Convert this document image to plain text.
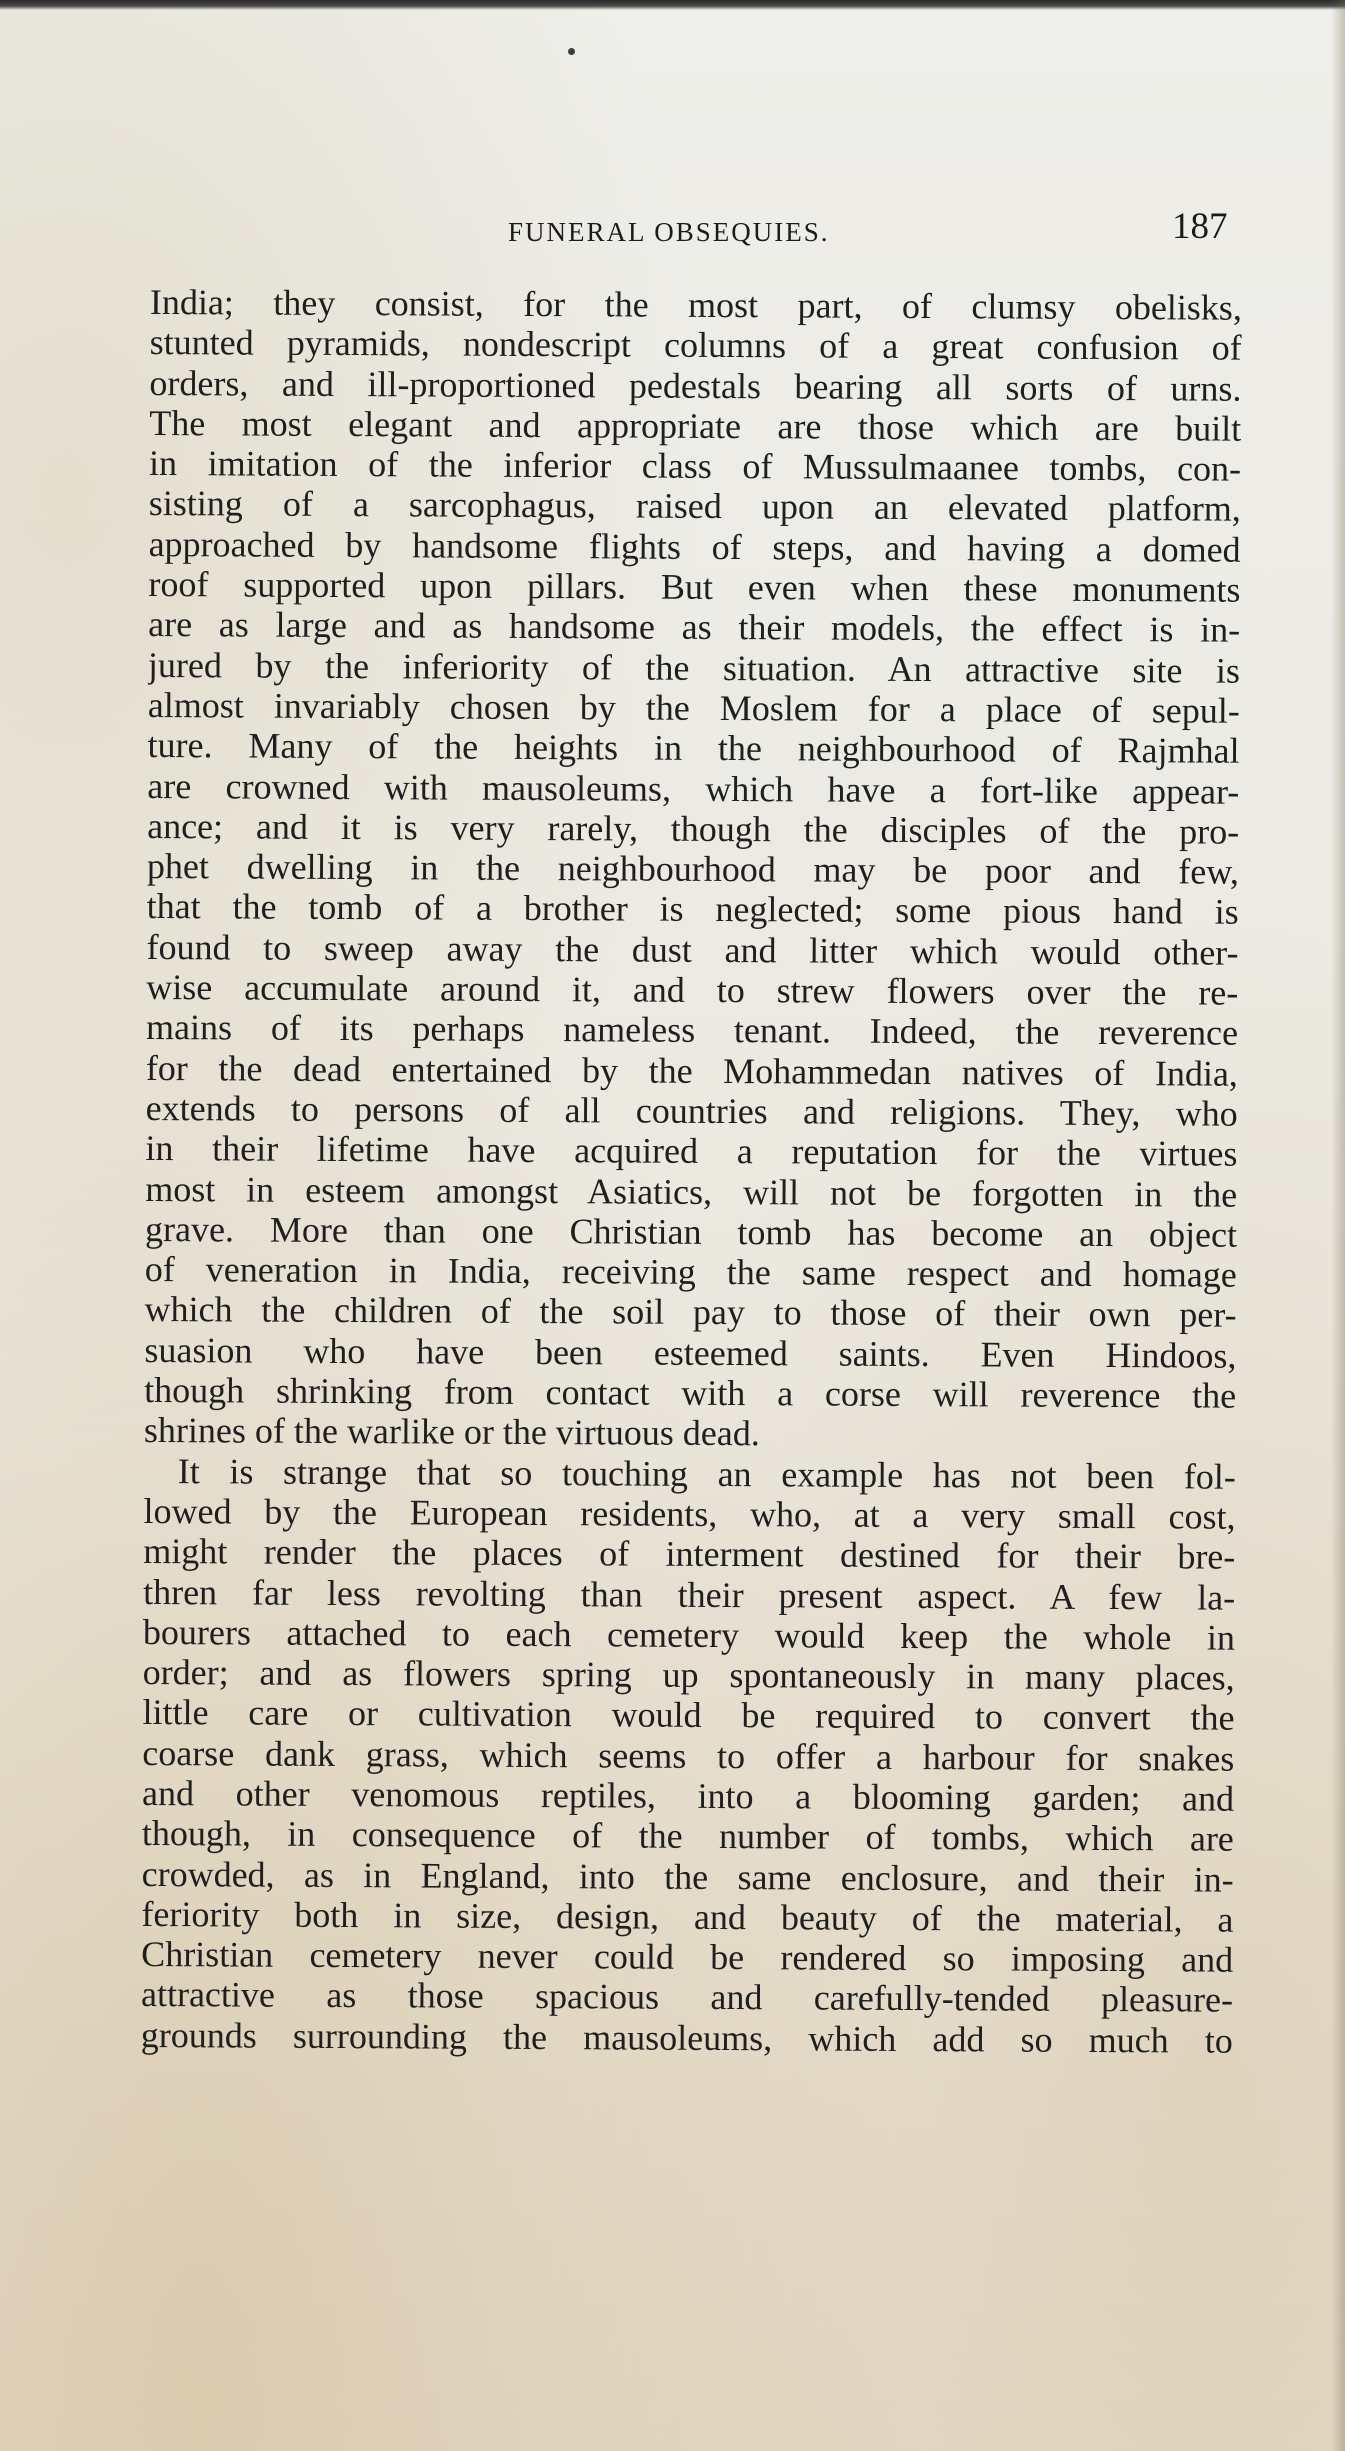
FUNERAL OBSEQUIES.	187
India; they consist, for the most part, of clumsy obelisks,
stunted pyramids, nondescript columns of a great confusion of
orders, and ill-proportioned pedestals bearing all sorts of urns.
The most elegant and appropriate are those which are built
in imitation of the inferior class of Mussulmaanee tombs, con-
sisting of a sarcophagus, raised upon an elevated platform,
approached by handsome flights of steps, and having a domed
roof supported upon pillars. But even when these monuments
are as large and as handsome as their models, the effect is in-
jured by the inferiority of the situation. An attractive site is
almost invariably chosen by the Moslem for a place of sepul-
ture. Many of the heights in the neighbourhood of Rajmhal
are crowned with mausoleums, which have a fort-like appear-
ance; and it is very rarely, though the disciples of the pro-
phet dwelling in the neighbourhood may be poor and few,
that the tomb of a brother is neglected; some pious hand is
found to sweep away the dust and litter which would other-
wise accumulate around it, and to strew flowers over the re-
mains of its perhaps nameless tenant. Indeed, the reverence
for the dead entertained by the Mohammedan natives of India,
extends to persons of all countries and religions. They, who
in their lifetime have acquired a reputation for the virtues
most in esteem amongst Asiatics, will not be forgotten in the
grave. More than one Christian tomb has become an object
of veneration in India, receiving the same respect and homage
which the children of the soil pay to those of their own per-
suasion who have been esteemed saints. Even Hindoos,
though shrinking from contact with a corse will reverence the
shrines of the warlike or the virtuous dead.
It is strange that so touching an example has not been fol-
lowed by the European residents, who, at a very small cost,
might render the places of interment destined for their bre-
thren far less revolting than their present aspect. A few la-
bourers attached to each cemetery would keep the whole in
order; and as flowers spring up spontaneously in many places,
little care or cultivation would be required to convert the
coarse dank grass, which seems to offer a harbour for snakes
and other venomous reptiles, into a blooming garden; and
though, in consequence of the number of tombs, which are
crowded, as in England, into the same enclosure, and their in-
feriority both in size, design, and beauty of the material, a
Christian cemetery never could be rendered so imposing and
attractive as those spacious and carefully-tended pleasure-
grounds surrounding the mausoleums, which add so much to
